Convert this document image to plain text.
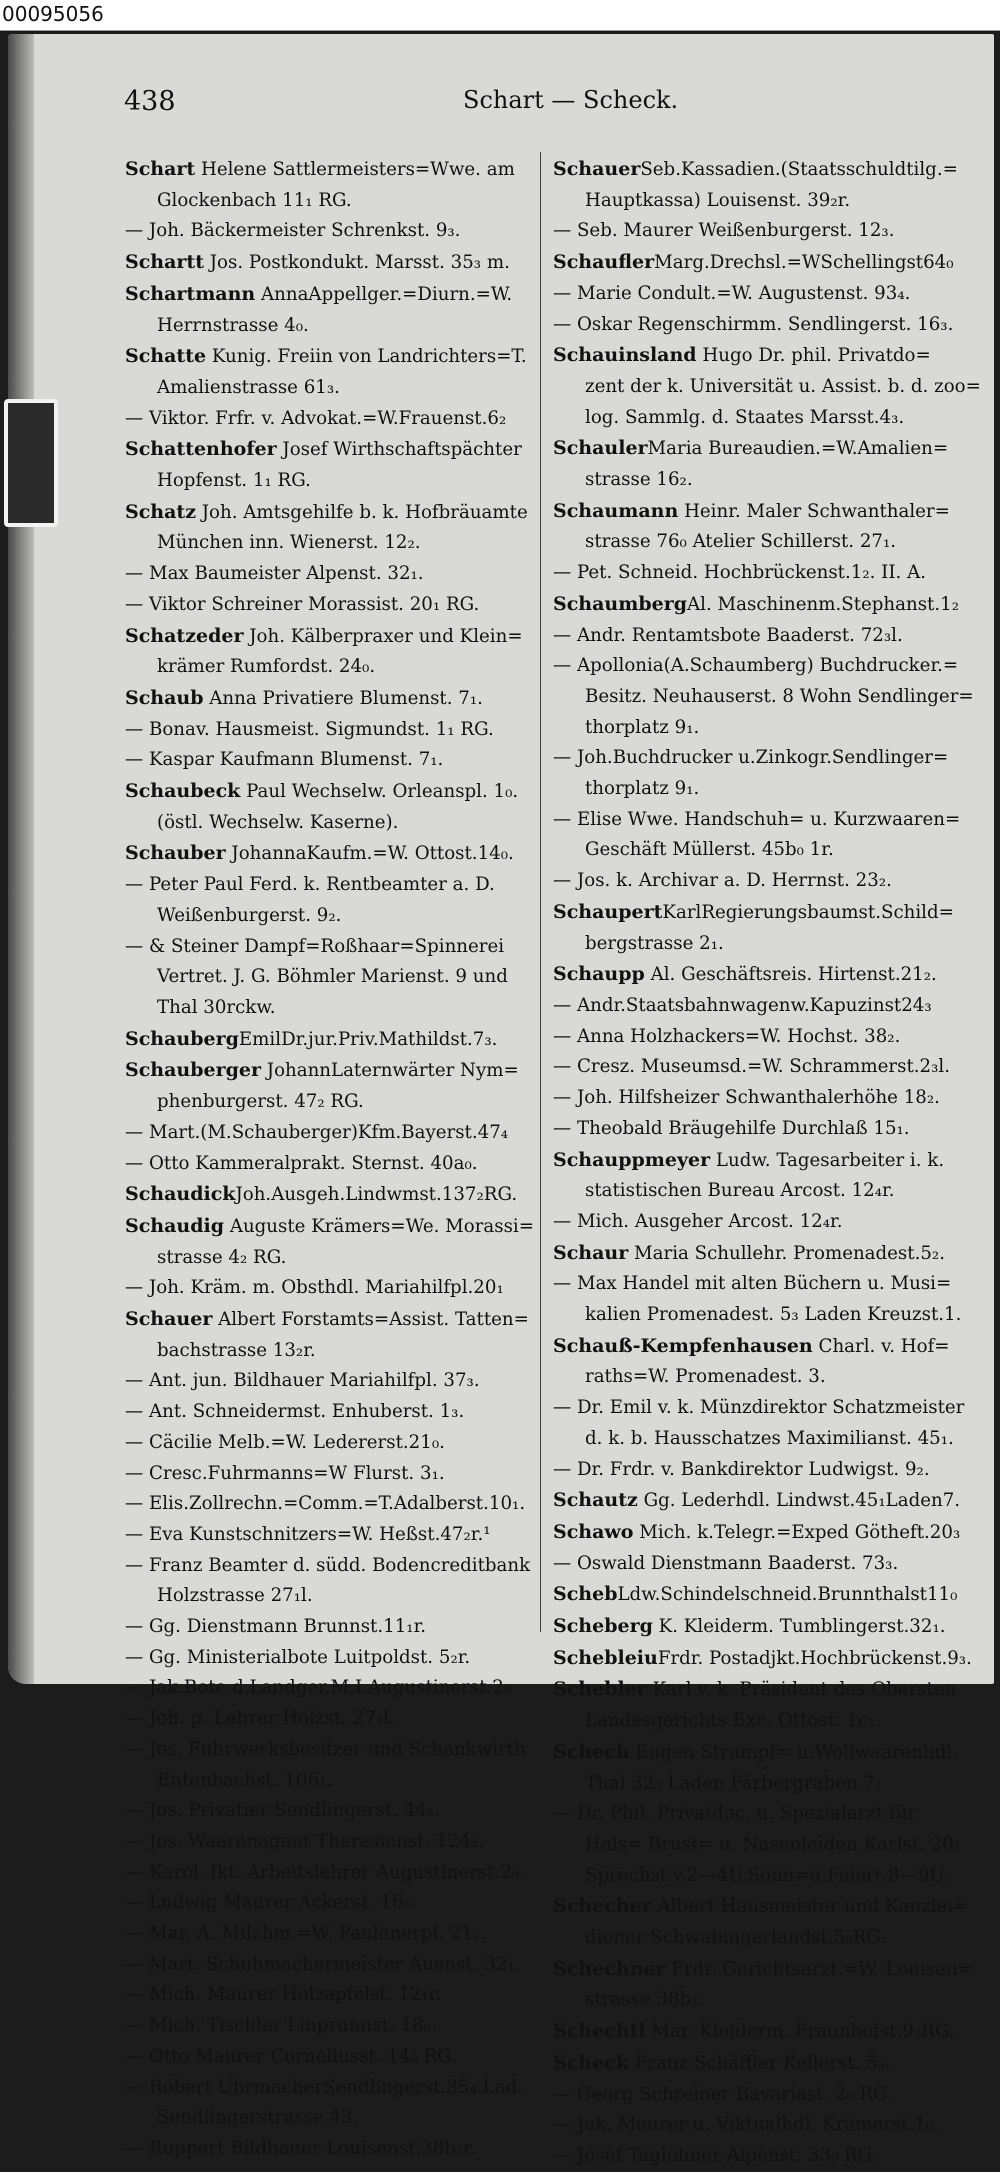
00095056
438	Schart — Scheck.
Schart Helene Sattlermeisters=Wwe. am
Glockenbach 11₁ RG.
— Joh. Bäckermeister Schrenkst. 9₃.
Schartt Jos. Postkondukt. Marsst. 35₃ m.
Schartmann AnnaAppellger.=Diurn.=W.
Herrnstrasse 4₀.
Schatte Kunig. Freiin von Landrichters=T.
Amalienstrasse 61₃.
— Viktor. Frfr. v. Advokat.=W.Frauenst.6₂
Schattenhofer Josef Wirthschaftspächter
Hopfenst. 1₁ RG.
Schatz Joh. Amtsgehilfe b. k. Hofbräuamte
München inn. Wienerst. 12₂.
— Max Baumeister Alpenst. 32₁.
— Viktor Schreiner Morassist. 20₁ RG.
Schatzeder Joh. Kälberpraxer und Klein=
krämer Rumfordst. 24₀.
Schaub Anna Privatiere Blumenst. 7₁.
— Bonav. Hausmeist. Sigmundst. 1₁ RG.
— Kaspar Kaufmann Blumenst. 7₁.
Schaubeck Paul Wechselw. Orleanspl. 1₀.
(östl. Wechselw. Kaserne).
Schauber JohannaKaufm.=W. Ottost.14₀.
— Peter Paul Ferd. k. Rentbeamter a. D.
Weißenburgerst. 9₂.
— & Steiner Dampf=Roßhaar=Spinnerei
Vertret. J. G. Böhmler Marienst. 9 und
Thal 30rckw.
SchaubergEmilDr.jur.Priv.Mathildst.7₃.
Schauberger JohannLaternwärter Nym=
phenburgerst. 47₂ RG.
— Mart.(M.Schauberger)Kfm.Bayerst.47₄
— Otto Kammeralprakt. Sternst. 40a₀.
SchaudickJoh.Ausgeh.Lindwmst.137₂RG.
Schaudig Auguste Krämers=We. Morassi=
strasse 4₂ RG.
— Joh. Kräm. m. Obsthdl. Mariahilfpl.20₁
Schauer Albert Forstamts=Assist. Tatten=
bachstrasse 13₂r.
— Ant. jun. Bildhauer Mariahilfpl. 37₃.
— Ant. Schneidermst. Enhuberst. 1₃.
— Cäcilie Melb.=W. Ledererst.21₀.
— Cresc.Fuhrmanns=W Flurst. 3₁.
— Elis.Zollrechn.=Comm.=T.Adalberst.10₁.
— Eva Kunstschnitzers=W. Heßst.47₂r.¹
— Franz Beamter d. südd. Bodencreditbank
Holzstrasse 27₁l.
— Gg. Dienstmann Brunnst.11₁r.
— Gg. Ministerialbote Luitpoldst. 5₂r.
— Jak.Bote d.Landger.M.I.Augustinerst.2₀
— Joh. p. Lehrer Holzst. 27₁l.
— Jos. Fuhrwerksbesitzer und Schankwirth
Entenbachst. 106₁.
— Jos. Privatier Sendlingerst. 44₂.
— Jos. Waarenagent Theresienst. 124₃.
— Karol. fkt. Arbeitslehrer Augustinerst.2₀.
— Ludwig Maurer Ackerst. 16₀.
— Mar. A. Milchm.=W. Paulanerpl. 21₂.
— Mart. Schuhmachermeister Auenst. 32₁.
— Mich. Maurer Holzapfelst. 12₁r.
— Mich. Tischler Linprunnst. 18₀.
— Otto Maurer Corneliusst. 14₀ RG.
— Robert UhrmacherSendlingerst.35₄.Lad.
Sendlingerstrasse 43.
— Ruppert Bildhauer Louisenst.38b₂r.
SchauerSeb.Kassadien.(Staatsschuldtilg.=
Hauptkassa) Louisenst. 39₂r.
— Seb. Maurer Weißenburgerst. 12₃.
SchauflerMarg.Drechsl.=WSchellingst64₀
— Marie Condult.=W. Augustenst. 93₄.
— Oskar Regenschirmm. Sendlingerst. 16₃.
Schauinsland Hugo Dr. phil. Privatdo=
zent der k. Universität u. Assist. b. d. zoo=
log. Sammlg. d. Staates Marsst.4₃.
SchaulerMaria Bureaudien.=W.Amalien=
strasse 16₂.
Schaumann Heinr. Maler Schwanthaler=
strasse 76₀ Atelier Schillerst. 27₁.
— Pet. Schneid. Hochbrückenst.1₂. II. A.
SchaumbergAl. Maschinenm.Stephanst.1₂
— Andr. Rentamtsbote Baaderst. 72₃l.
— Apollonia(A.Schaumberg) Buchdrucker.=
Besitz. Neuhauserst. 8 Wohn Sendlinger=
thorplatz 9₁.
— Joh.Buchdrucker u.Zinkogr.Sendlinger=
thorplatz 9₁.
— Elise Wwe. Handschuh= u. Kurzwaaren=
Geschäft Müllerst. 45b₀ 1r.
— Jos. k. Archivar a. D. Herrnst. 23₂.
SchaupertKarlRegierungsbaumst.Schild=
bergstrasse 2₁.
Schaupp Al. Geschäftsreis. Hirtenst.21₂.
— Andr.Staatsbahnwagenw.Kapuzinst24₃
— Anna Holzhackers=W. Hochst. 38₂.
— Cresz. Museumsd.=W. Schrammerst.2₃l.
— Joh. Hilfsheizer Schwanthalerhöhe 18₂.
— Theobald Bräugehilfe Durchlaß 15₁.
Schauppmeyer Ludw. Tagesarbeiter i. k.
statistischen Bureau Arcost. 12₄r.
— Mich. Ausgeher Arcost. 12₄r.
Schaur Maria Schullehr. Promenadest.5₂.
— Max Handel mit alten Büchern u. Musi=
kalien Promenadest. 5₃ Laden Kreuzst.1.
Schauß-Kempfenhausen Charl. v. Hof=
raths=W. Promenadest. 3.
— Dr. Emil v. k. Münzdirektor Schatzmeister
d. k. b. Hausschatzes Maximilianst. 45₁.
— Dr. Frdr. v. Bankdirektor Ludwigst. 9₂.
Schautz Gg. Lederhdl. Lindwst.45₁Laden7.
Schawo Mich. k.Telegr.=Exped Götheft.20₃
— Oswald Dienstmann Baaderst. 73₃.
SchebLdw.Schindelschneid.Brunnthalst11₀
Scheberg K. Kleiderm. Tumblingerst.32₁.
SchebleiuFrdr. Postadjkt.Hochbrückenst.9₃.
Schebler Karl v. k. Präsident des Obersten
Landesgerichts Exc. Ottost. 1c₁.
Schech Eugen Strumpf= u.Wollwaarenhdl.
Thal 32₃ Laden Färbergraben 7.
— Dr. Phil. Privatdoc. u. Spezialarzt für
Hals= Brust= u. Nasenleiden Karlst. 20₁
Sprechst v.2—4U.Sonn=u.Feiert.8—9U.
Schecher Albert Hausmeister und Kanzlei=
diener Schwabingerlandst.5₀RG.
Schechner Frdr. Gerichtsarzt.=W. Louisen=
strasse 38b₂.
Schechtl Mar. Kleiderm. Fraunhofst.9₂RG.
Scheck Franz Schäffler Kellerst. 5₃.
— Georg Schreiner Bavariast. 2₀ RG.
— Jak. Maurer u. Viktualhdl. Krämerst.1₀.
— Josef Taglöhner Alpenst. 33₀ RG.
